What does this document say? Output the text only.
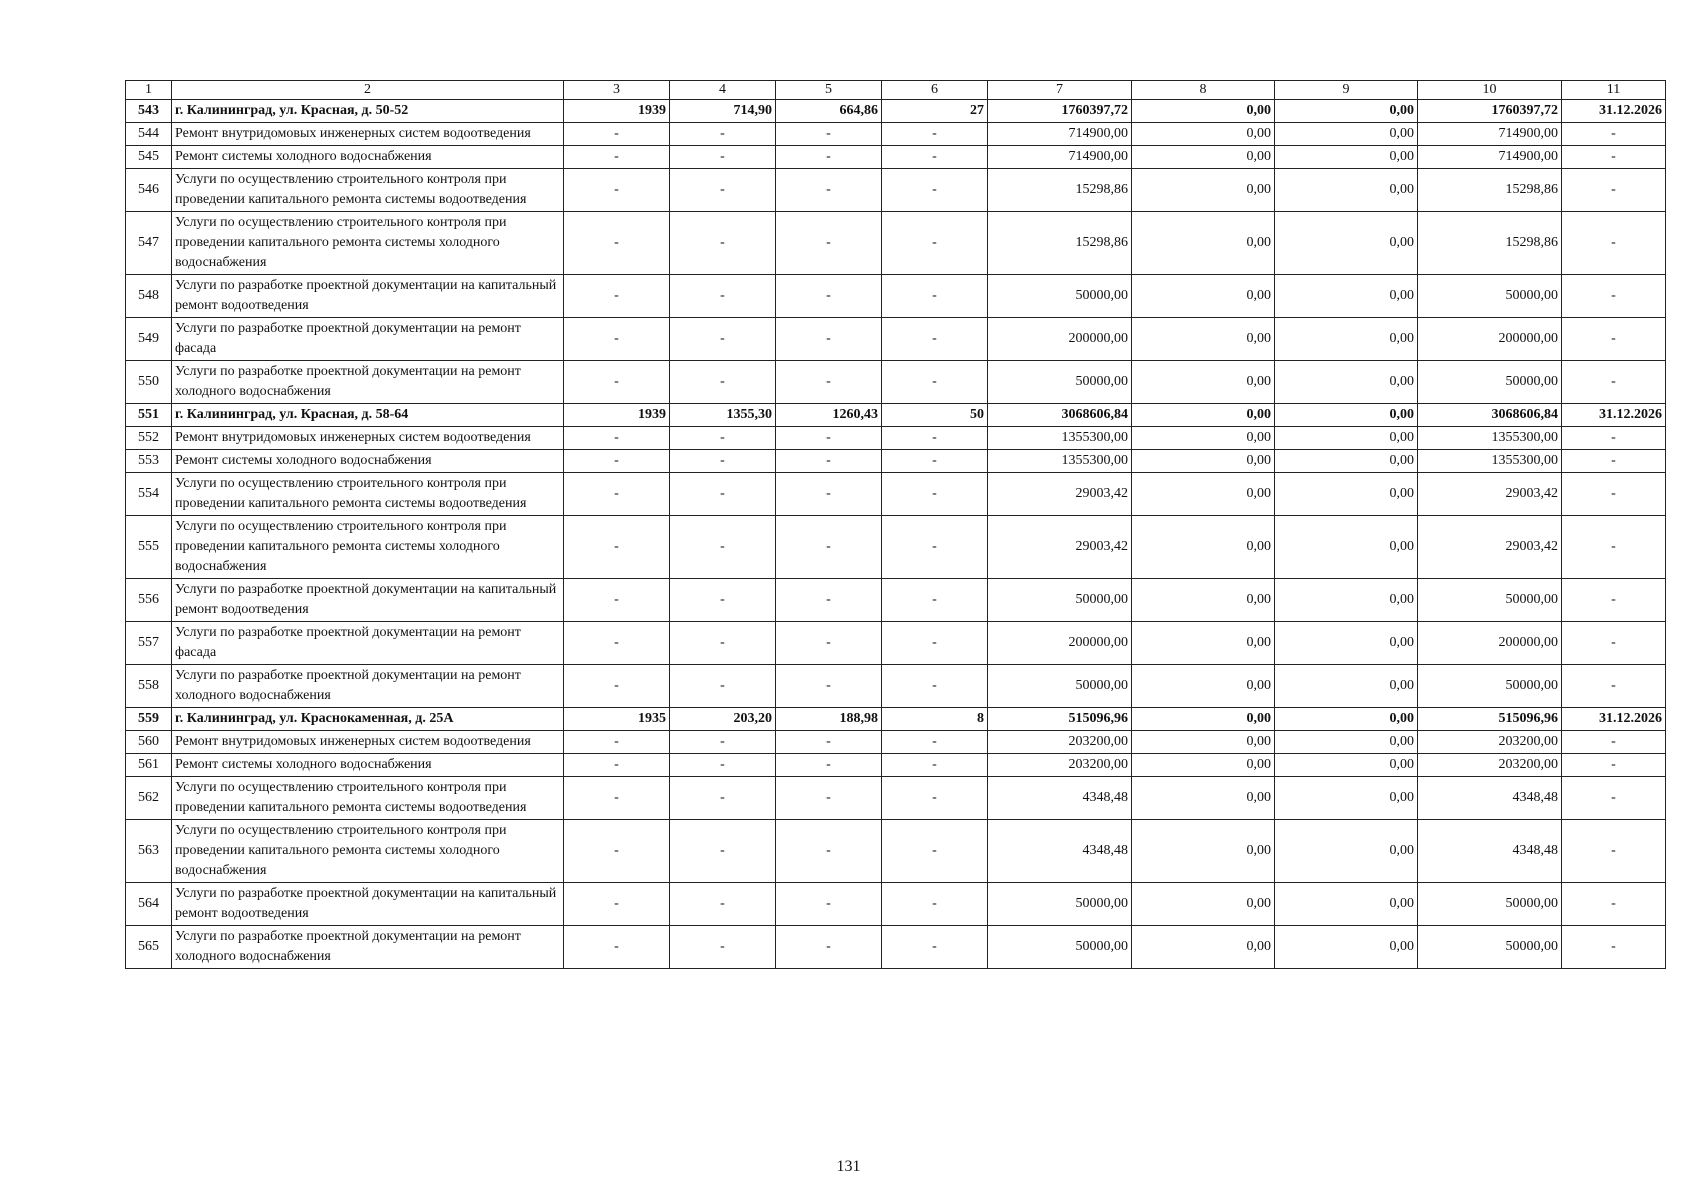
1	2	3	4	5	6	7	8	9	10	11
543	г. Калининград, ул. Красная, д. 50-52	1939	714,90	664,86	27	1760397,72	0,00	0,00	1760397,72	31.12.2026
544	Ремонт внутридомовых инженерных систем водоотведения	-	-	-	-	714900,00	0,00	0,00	714900,00	-
545	Ремонт системы холодного водоснабжения	-	-	-	-	714900,00	0,00	0,00	714900,00	-
546	Услуги по осуществлению строительного контроля при проведении капитального ремонта системы водоотведения	-	-	-	-	15298,86	0,00	0,00	15298,86	-
547	Услуги по осуществлению строительного контроля при проведении капитального ремонта системы холодного водоснабжения	-	-	-	-	15298,86	0,00	0,00	15298,86	-
548	Услуги по разработке проектной документации на капитальный ремонт водоотведения	-	-	-	-	50000,00	0,00	0,00	50000,00	-
549	Услуги по разработке проектной документации на ремонт фасада	-	-	-	-	200000,00	0,00	0,00	200000,00	-
550	Услуги по разработке проектной документации на ремонт холодного водоснабжения	-	-	-	-	50000,00	0,00	0,00	50000,00	-
551	г. Калининград, ул. Красная, д. 58-64	1939	1355,30	1260,43	50	3068606,84	0,00	0,00	3068606,84	31.12.2026
552	Ремонт внутридомовых инженерных систем водоотведения	-	-	-	-	1355300,00	0,00	0,00	1355300,00	-
553	Ремонт системы холодного водоснабжения	-	-	-	-	1355300,00	0,00	0,00	1355300,00	-
554	Услуги по осуществлению строительного контроля при проведении капитального ремонта системы водоотведения	-	-	-	-	29003,42	0,00	0,00	29003,42	-
555	Услуги по осуществлению строительного контроля при проведении капитального ремонта системы холодного водоснабжения	-	-	-	-	29003,42	0,00	0,00	29003,42	-
556	Услуги по разработке проектной документации на капитальный ремонт водоотведения	-	-	-	-	50000,00	0,00	0,00	50000,00	-
557	Услуги по разработке проектной документации на ремонт фасада	-	-	-	-	200000,00	0,00	0,00	200000,00	-
558	Услуги по разработке проектной документации на ремонт холодного водоснабжения	-	-	-	-	50000,00	0,00	0,00	50000,00	-
559	г. Калининград, ул. Краснокаменная, д. 25А	1935	203,20	188,98	8	515096,96	0,00	0,00	515096,96	31.12.2026
560	Ремонт внутридомовых инженерных систем водоотведения	-	-	-	-	203200,00	0,00	0,00	203200,00	-
561	Ремонт системы холодного водоснабжения	-	-	-	-	203200,00	0,00	0,00	203200,00	-
562	Услуги по осуществлению строительного контроля при проведении капитального ремонта системы водоотведения	-	-	-	-	4348,48	0,00	0,00	4348,48	-
563	Услуги по осуществлению строительного контроля при проведении капитального ремонта системы холодного водоснабжения	-	-	-	-	4348,48	0,00	0,00	4348,48	-
564	Услуги по разработке проектной документации на капитальный ремонт водоотведения	-	-	-	-	50000,00	0,00	0,00	50000,00	-
565	Услуги по разработке проектной документации на ремонт холодного водоснабжения	-	-	-	-	50000,00	0,00	0,00	50000,00	-
131
